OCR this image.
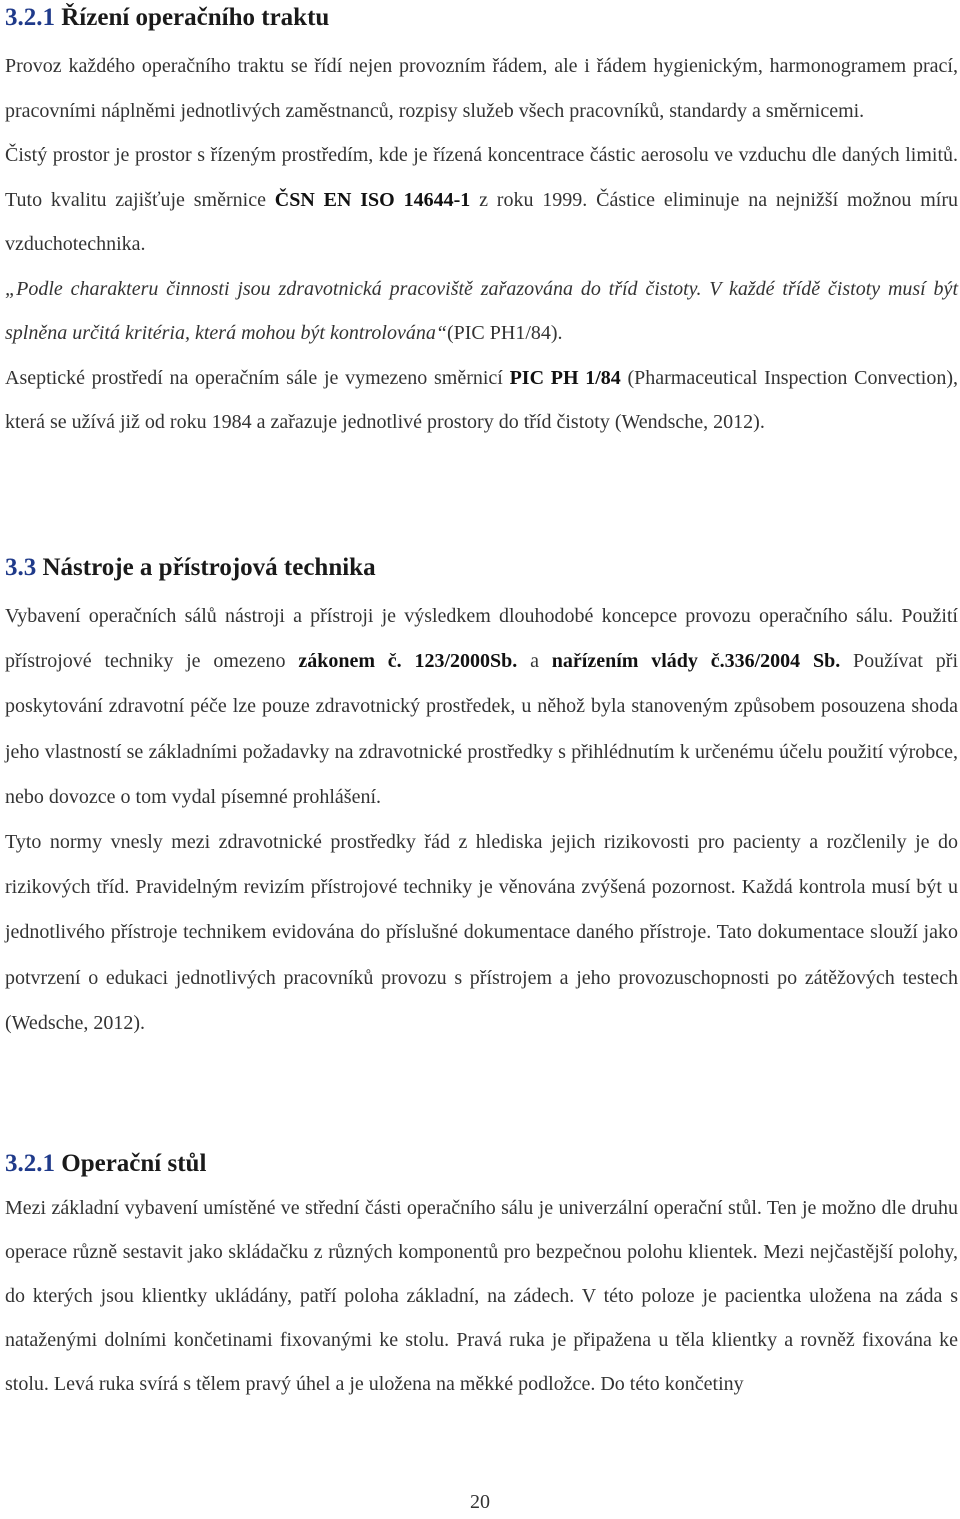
3.2.1 Řízení operačního traktu

Provoz každého operačního traktu se řídí nejen provozním řádem, ale i řádem hygienickým, harmonogramem prací, pracovními náplněmi jednotlivých zaměstnanců, rozpisy služeb všech pracovníků, standardy a směrnicemi.

Čistý prostor je prostor s řízeným prostředím, kde je řízená koncentrace částic aerosolu ve vzduchu dle daných limitů. Tuto kvalitu zajišťuje směrnice ČSN EN ISO 14644-1 z roku 1999. Částice eliminuje na nejnižší možnou míru vzduchotechnika.

„Podle charakteru činnosti jsou zdravotnická pracoviště zařazována do tříd čistoty. V každé třídě čistoty musí být splněna určitá kritéria, která mohou být kontrolována“(PIC PH1/84).

Aseptické prostředí na operačním sále je vymezeno směrnicí PIC PH 1/84 (Pharmaceutical Inspection Convection), která se užívá již od roku 1984 a zařazuje jednotlivé prostory do tříd čistoty (Wendsche, 2012).

3.3 Nástroje a přístrojová technika

Vybavení operačních sálů nástroji a přístroji je výsledkem dlouhodobé koncepce provozu operačního sálu. Použití přístrojové techniky je omezeno zákonem č. 123/2000Sb. a nařízením vlády č.336/2004 Sb. Používat při poskytování zdravotní péče lze pouze zdravotnický prostředek, u něhož byla stanoveným způsobem posouzena shoda jeho vlastností se základními požadavky na zdravotnické prostředky s přihlédnutím k určenému účelu použití výrobce, nebo dovozce o tom vydal písemné prohlášení.

Tyto normy vnesly mezi zdravotnické prostředky řád z hlediska jejich rizikovosti pro pacienty a rozčlenily je do rizikových tříd. Pravidelným revizím přístrojové techniky je věnována zvýšená pozornost. Každá kontrola musí být u jednotlivého přístroje technikem evidována do příslušné dokumentace daného přístroje. Tato dokumentace slouží jako potvrzení o edukaci jednotlivých pracovníků provozu s přístrojem a jeho provozuschopnosti po zátěžových testech (Wedsche, 2012).

3.2.1 Operační stůl

Mezi základní vybavení umístěné ve střední části operačního sálu je univerzální operační stůl. Ten je možno dle druhu operace různě sestavit jako skládačku z různých komponentů pro bezpečnou polohu klientek. Mezi nejčastější polohy, do kterých jsou klientky ukládány, patří poloha základní, na zádech. V této poloze je pacientka uložena na záda s nataženými dolními končetinami fixovanými ke stolu. Pravá ruka je připažena u těla klientky a rovněž fixována ke stolu. Levá ruka svírá s tělem pravý úhel a je uložena na měkké podložce. Do této končetiny

20
